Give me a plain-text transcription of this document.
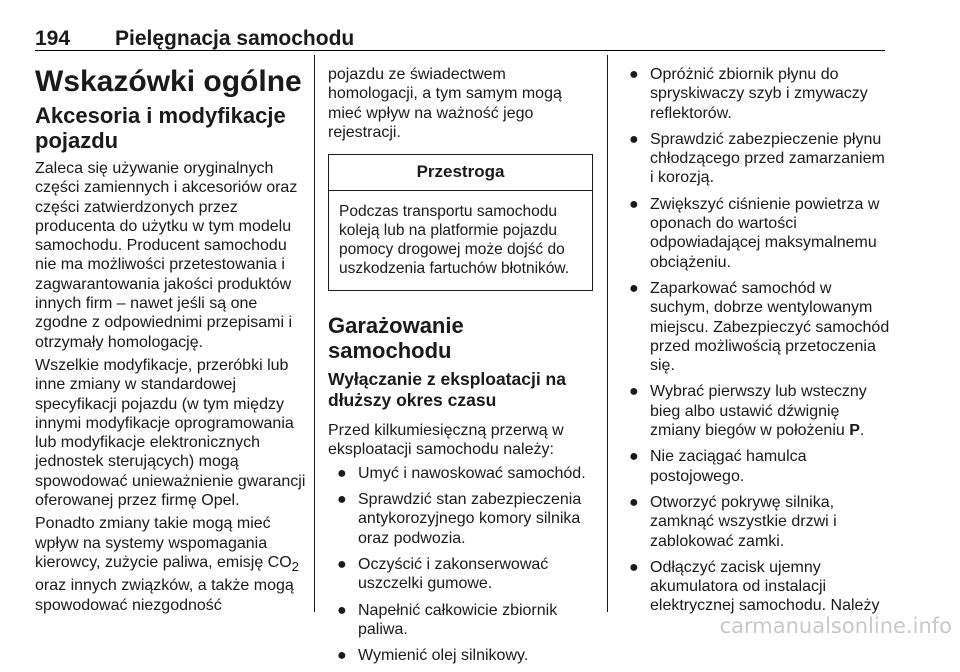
194 Pielęgnacja samochodu
Wskazówki ogólne
Akcesoria i modyfikacje pojazdu

Zaleca się używanie oryginalnych części zamiennych i akcesoriów oraz części zatwierdzonych przez producenta do użytku w tym modelu samochodu. Producent samochodu nie ma możliwości przetestowania i zagwarantowania jakości produktów innych firm – nawet jeśli są one zgodne z odpowiednimi przepisami i otrzymały homologację.

Wszelkie modyfikacje, przeróbki lub inne zmiany w standardowej specyfikacji pojazdu (w tym między innymi modyfikacje oprogramowania lub modyfikacje elektronicznych jednostek sterujących) mogą spowodować unieważnienie gwarancji oferowanej przez firmę Opel.

Ponadto zmiany takie mogą mieć wpływ na systemy wspomagania kierowcy, zużycie paliwa, emisję $CO_2$ oraz innych związków, a także mogą spowodować niezgodność

pojazdu ze świadectwem homologacji, a tym samym mogą mieć wpływ na ważność jego rejestracji.

Przestroga
Podczas transportu samochodu koleją lub na platformie pojazdu pomocy drogowej może dojść do uszkodzenia fartuchów błotników.
Garażowanie samochodu
Wyłączanie z eksploatacji na dłuższy okres czasu

Przed kilkumiesięczną przerwą w eksploatacji samochodu należy:

● Umyć i nawoskować samochód.
● Sprawdzić stan zabezpieczenia antykorozyjnego komory silnika oraz podwozia.
● Oczyścić i zakonserwować uszczelki gumowe.
● Napełnić całkowicie zbiornik paliwa.
● Wymienić olej silnikowy.
● Opróżnić zbiornik płynu do spryskiwaczy szyb i zmywaczy reflektorów.
● Sprawdzić zabezpieczenie płynu chłodzącego przed zamarzaniem i korozją.
● Zwiększyć ciśnienie powietrza w oponach do wartości odpowiadającej maksymalnemu obciążeniu.
● Zaparkować samochód w suchym, dobrze wentylowanym miejscu. Zabezpieczyć samochód przed możliwością przetoczenia się.
● Wybrać pierwszy lub wsteczny bieg albo ustawić dźwignię zmiany biegów w położeniu P.
● Nie zaciągać hamulca postojowego.
● Otworzyć pokrywę silnika, zamknąć wszystkie drzwi i zablokować zamki.
● Odłączyć zacisk ujemny akumulatora od instalacji elektrycznej samochodu. Należy
carmanualsonline.info
